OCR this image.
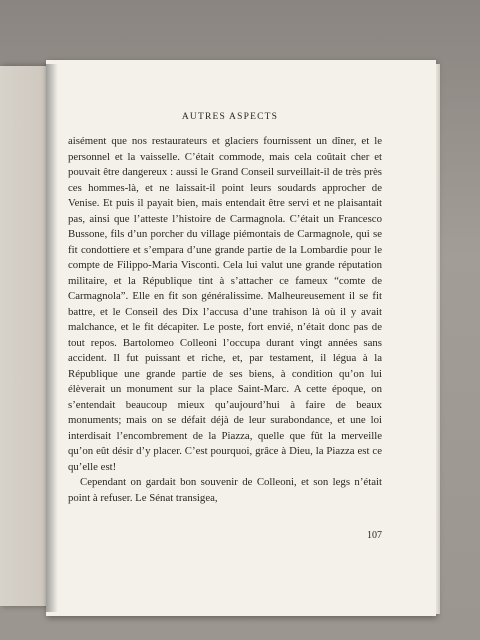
AUTRES ASPECTS

aisément que nos restaurateurs et glaciers fournissent un dîner, et le personnel et la vaisselle. C’était commode, mais cela coûtait cher et pouvait être dangereux : aussi le Grand Conseil surveillait-il de très près ces hommes-là, et ne laissait-il point leurs soudards approcher de Venise. Et puis il payait bien, mais entendait être servi et ne plaisantait pas, ainsi que l’atteste l’histoire de Carmagnola. C’était un Francesco Bussone, fils d’un porcher du village piémontais de Carmagnole, qui se fit condottiere et s’empara d’une grande partie de la Lombardie pour le compte de Filippo-Maria Visconti. Cela lui valut une grande réputation militaire, et la République tint à s’attacher ce fameux “comte de Carmagnola”. Elle en fit son généralissime. Malheureusement il se fit battre, et le Conseil des Dix l’accusa d’une trahison là où il y avait malchance, et le fit décapiter. Le poste, fort envié, n’était donc pas de tout repos. Bartolomeo Colleoni l’occupa durant vingt années sans accident. Il fut puissant et riche, et, par testament, il légua à la République une grande partie de ses biens, à condition qu’on lui élèverait un monument sur la place Saint-Marc. A cette époque, on s’entendait beaucoup mieux qu’aujourd’hui à faire de beaux monuments; mais on se défait déjà de leur surabondance, et une loi interdisait l’encombrement de la Piazza, quelle que fût la merveille qu’on eût désir d’y placer. C’est pourquoi, grâce à Dieu, la Piazza est ce qu’elle est!

Cependant on gardait bon souvenir de Colleoni, et son legs n’était point à refuser. Le Sénat transigea,

107
